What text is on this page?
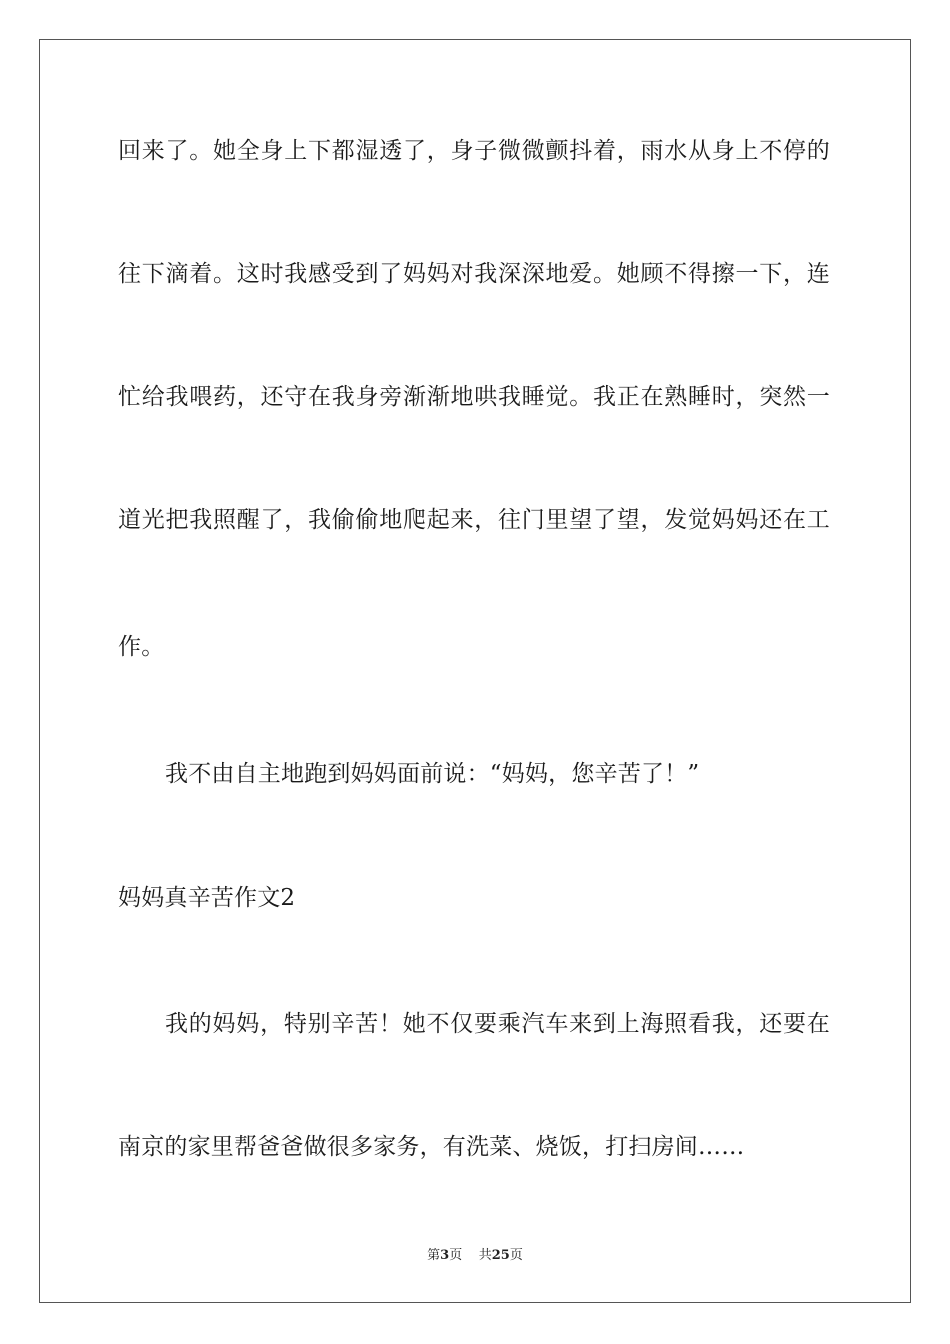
回来了。她全身上下都湿透了，身子微微颤抖着，雨水从身上不停的
往下滴着。这时我感受到了妈妈对我深深地爱。她顾不得擦一下，连
忙给我喂药，还守在我身旁渐渐地哄我睡觉。我正在熟睡时，突然一
道光把我照醒了，我偷偷地爬起来，往门里望了望，发觉妈妈还在工
作。
我不由自主地跑到妈妈面前说：“妈妈，您辛苦了！”
妈妈真辛苦作文2
我的妈妈，特别辛苦！她不仅要乘汽车来到上海照看我，还要在
南京的家里帮爸爸做很多家务，有洗菜、烧饭，打扫房间……
第3页 共25页
